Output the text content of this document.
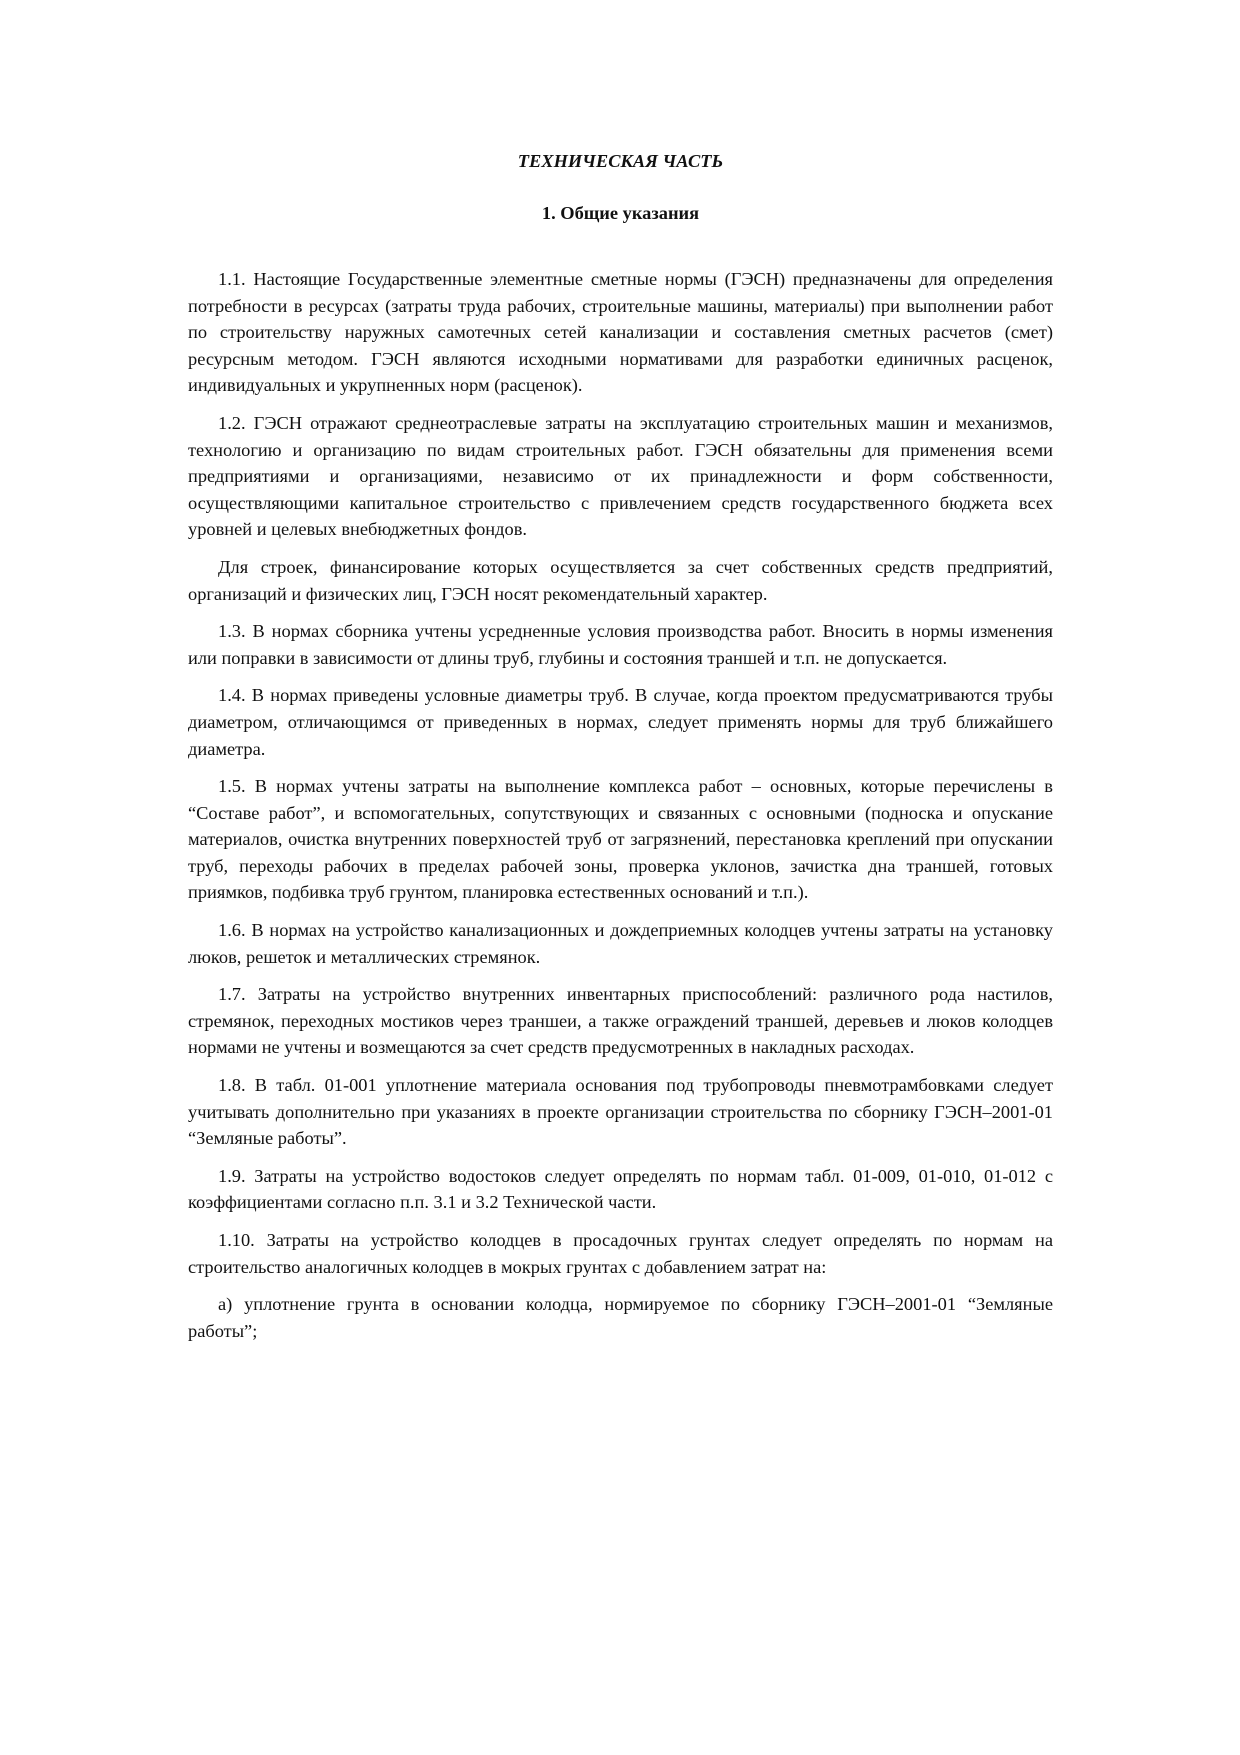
ТЕХНИЧЕСКАЯ ЧАСТЬ
1. Общие указания

1.1. Настоящие Государственные элементные сметные нормы (ГЭСН) предназначены для определения потребности в ресурсах (затраты труда рабочих, строительные машины, материалы) при выполнении работ по строительству наружных самотечных сетей канализации и составления сметных расчетов (смет) ресурсным методом. ГЭСН являются исходными нормативами для разработки единичных расценок, индивидуальных и укрупненных норм (расценок).

1.2. ГЭСН отражают среднеотраслевые затраты на эксплуатацию строительных машин и механизмов, технологию и организацию по видам строительных работ. ГЭСН обязательны для применения всеми предприятиями и организациями, независимо от их принадлежности и форм собственности, осуществляющими капитальное строительство с привлечением средств государственного бюджета всех уровней и целевых внебюджетных фондов.

Для строек, финансирование которых осуществляется за счет собственных средств предприятий, организаций и физических лиц, ГЭСН носят рекомендательный характер.

1.3. В нормах сборника учтены усредненные условия производства работ. Вносить в нормы изменения или поправки в зависимости от длины труб, глубины и состояния траншей и т.п. не допускается.

1.4. В нормах приведены условные диаметры труб. В случае, когда проектом предусматриваются трубы диаметром, отличающимся от приведенных в нормах, следует применять нормы для труб ближайшего диаметра.

1.5. В нормах учтены затраты на выполнение комплекса работ – основных, которые перечислены в “Составе работ”, и вспомогательных, сопутствующих и связанных с основными (подноска и опускание материалов, очистка внутренних поверхностей труб от загрязнений, перестановка креплений при опускании труб, переходы рабочих в пределах рабочей зоны, проверка уклонов, зачистка дна траншей, готовых приямков, подбивка труб грунтом, планировка естественных оснований и т.п.).

1.6. В нормах на устройство канализационных и дождеприемных колодцев учтены затраты на установку люков, решеток и металлических стремянок.

1.7. Затраты на устройство внутренних инвентарных приспособлений: различного рода настилов, стремянок, переходных мостиков через траншеи, а также ограждений траншей, деревьев и люков колодцев нормами не учтены и возмещаются за счет средств предусмотренных в накладных расходах.

1.8. В табл. 01-001 уплотнение материала основания под трубопроводы пневмотрамбовками следует учитывать дополнительно при указаниях в проекте организации строительства по сборнику ГЭСН–2001-01 “Земляные работы”.

1.9. Затраты на устройство водостоков следует определять по нормам табл. 01-009, 01-010, 01-012 с коэффициентами согласно п.п. 3.1 и 3.2 Технической части.

1.10. Затраты на устройство колодцев в просадочных грунтах следует определять по нормам на строительство аналогичных колодцев в мокрых грунтах с добавлением затрат на:

а) уплотнение грунта в основании колодца, нормируемое по сборнику ГЭСН–2001-01 “Земляные работы”;
